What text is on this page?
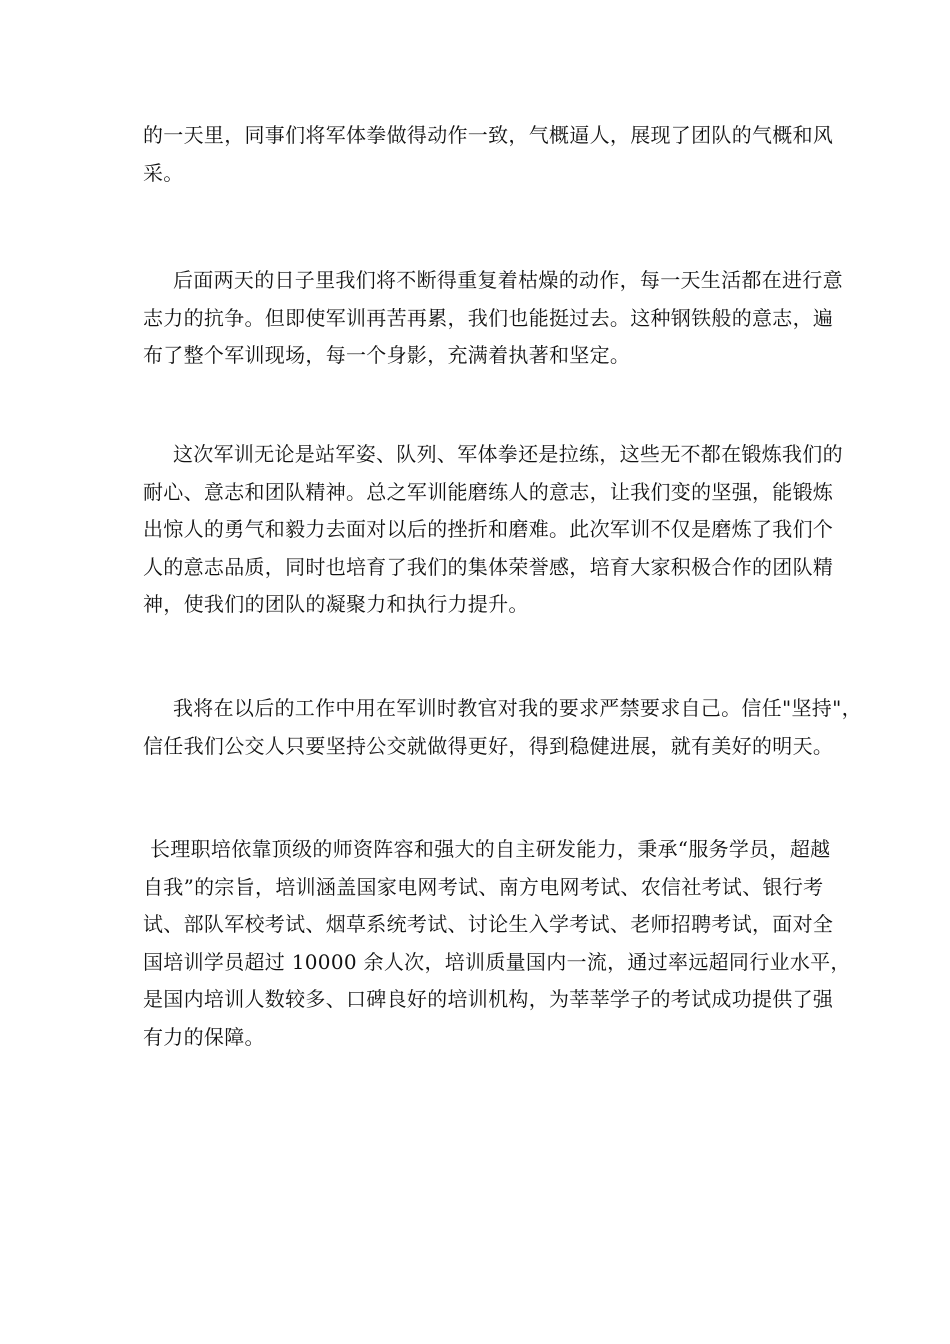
的一天里，同事们将军体拳做得动作一致，气概逼人，展现了团队的气概和风
采。

后面两天的日子里我们将不断得重复着枯燥的动作，每一天生活都在进行意
志力的抗争。但即使军训再苦再累，我们也能挺过去。这种钢铁般的意志，遍
布了整个军训现场，每一个身影，充满着执著和坚定。

这次军训无论是站军姿、队列、军体拳还是拉练，这些无不都在锻炼我们的
耐心、意志和团队精神。总之军训能磨练人的意志，让我们变的坚强，能锻炼
出惊人的勇气和毅力去面对以后的挫折和磨难。此次军训不仅是磨炼了我们个
人的意志品质，同时也培育了我们的集体荣誉感，培育大家积极合作的团队精
神，使我们的团队的凝聚力和执行力提升。

我将在以后的工作中用在军训时教官对我的要求严禁要求自己。信任"坚持"，
信任我们公交人只要坚持公交就做得更好，得到稳健进展，就有美好的明天。

长理职培依靠顶级的师资阵容和强大的自主研发能力，秉承“服务学员，超越
自我”的宗旨，培训涵盖国家电网考试、南方电网考试、农信社考试、银行考
试、部队军校考试、烟草系统考试、讨论生入学考试、老师招聘考试，面对全
国培训学员超过 10000 余人次，培训质量国内一流，通过率远超同行业水平，
是国内培训人数较多、口碑良好的培训机构，为莘莘学子的考试成功提供了强
有力的保障。
